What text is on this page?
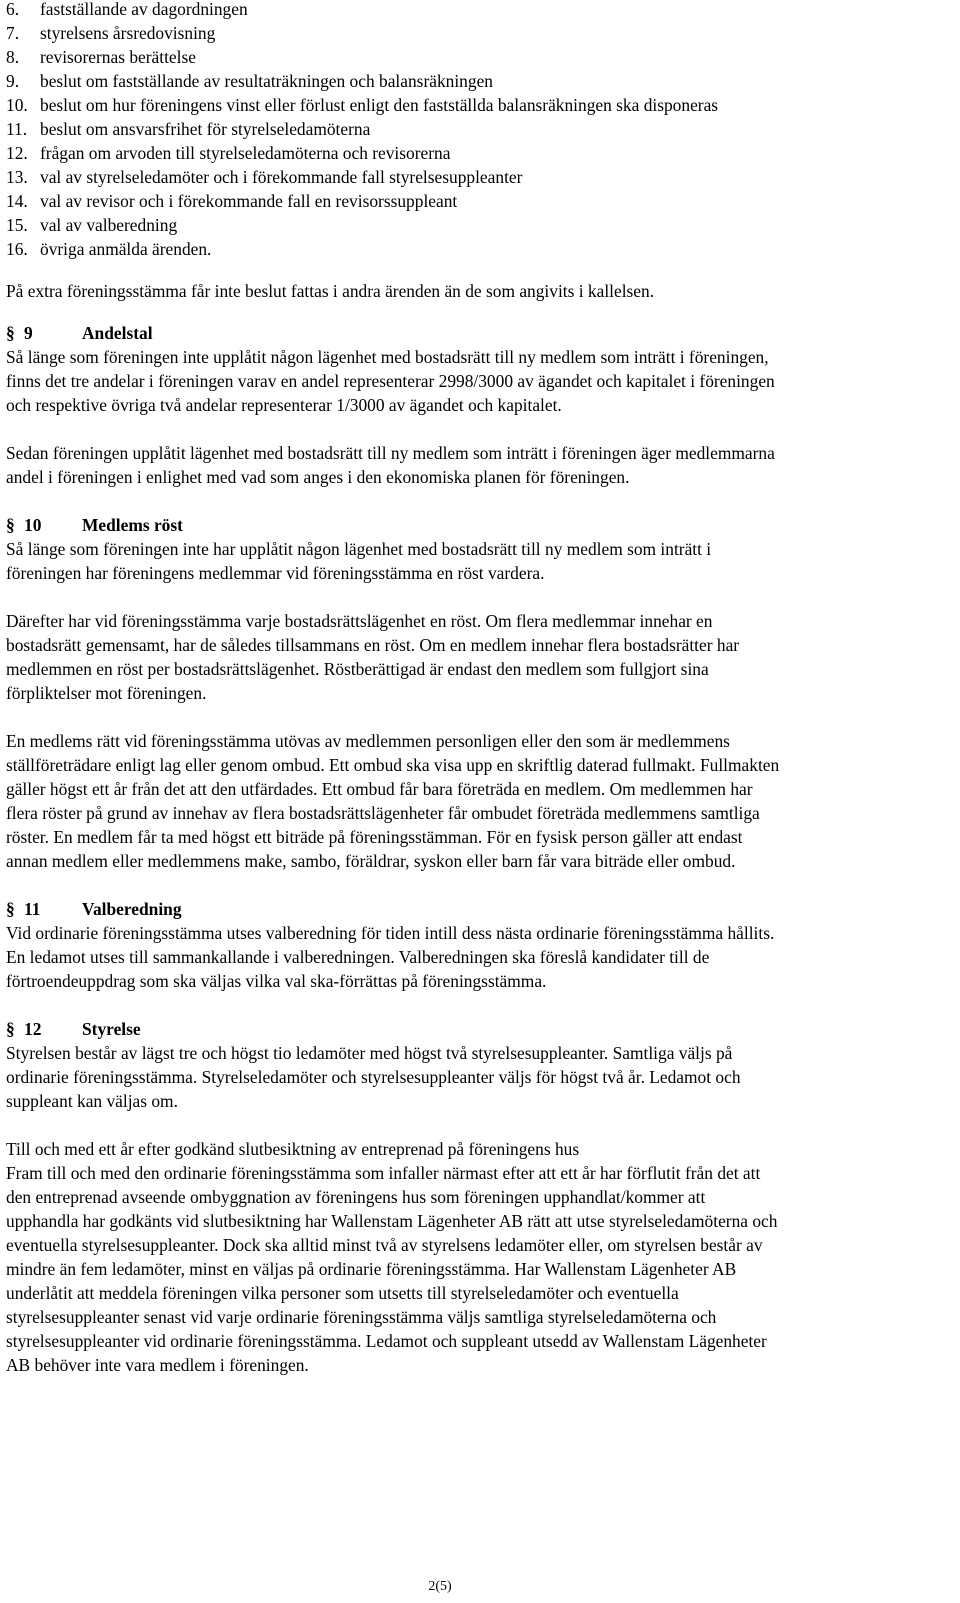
6. fastställande av dagordningen
7. styrelsens årsredovisning
8. revisorernas berättelse
9. beslut om fastställande av resultaträkningen och balansräkningen
10. beslut om hur föreningens vinst eller förlust enligt den fastställda balansräkningen ska disponeras
11. beslut om ansvarsfrihet för styrelseledamöterna
12. frågan om arvoden till styrelseledamöterna och revisorerna
13. val av styrelseledamöter och i förekommande fall styrelsesuppleanter
14. val av revisor och i förekommande fall en revisorssuppleant
15. val av valberedning
16. övriga anmälda ärenden.
På extra föreningsstämma får inte beslut fattas i andra ärenden än de som angivits i kallelsen.
§ 9	Andelstal
Så länge som föreningen inte upplåtit någon lägenhet med bostadsrätt till ny medlem som inträtt i föreningen,
finns det tre andelar i föreningen varav en andel representerar 2998/3000 av ägandet och kapitalet i föreningen
och respektive övriga två andelar representerar 1/3000 av ägandet och kapitalet.
Sedan föreningen upplåtit lägenhet med bostadsrätt till ny medlem som inträtt i föreningen äger medlemmarna
andel i föreningen i enlighet med vad som anges i den ekonomiska planen för föreningen.
§ 10 Medlems röst
Så länge som föreningen inte har upplåtit någon lägenhet med bostadsrätt till ny medlem som inträtt i
föreningen har föreningens medlemmar vid föreningsstämma en röst vardera.
Därefter har vid föreningsstämma varje bostadsrättslägenhet en röst. Om flera medlemmar innehar en
bostadsrätt gemensamt, har de således tillsammans en röst. Om en medlem innehar flera bostadsrätter har
medlemmen en röst per bostadsrättslägenhet. Röstberättigad är endast den medlem som fullgjort sina
förpliktelser mot föreningen.
En medlems rätt vid föreningsstämma utövas av medlemmen personligen eller den som är medlemmens
ställföreträdare enligt lag eller genom ombud. Ett ombud ska visa upp en skriftlig daterad fullmakt. Fullmakten
gäller högst ett år från det att den utfärdades. Ett ombud får bara företräda en medlem. Om medlemmen har
flera röster på grund av innehav av flera bostadsrättslägenheter får ombudet företräda medlemmens samtliga
röster. En medlem får ta med högst ett biträde på föreningsstämman. För en fysisk person gäller att endast
annan medlem eller medlemmens make, sambo, föräldrar, syskon eller barn får vara biträde eller ombud.
§ 11 Valberedning
Vid ordinarie föreningsstämma utses valberedning för tiden intill dess nästa ordinarie föreningsstämma hållits.
En ledamot utses till sammankallande i valberedningen. Valberedningen ska föreslå kandidater till de
förtroendeuppdrag som ska väljas vilka val ska-förrättas på föreningsstämma.
§ 12 Styrelse
Styrelsen består av lägst tre och högst tio ledamöter med högst två styrelsesuppleanter. Samtliga väljs på
ordinarie föreningsstämma. Styrelseledamöter och styrelsesuppleanter väljs för högst två år. Ledamot och
suppleant kan väljas om.
Till och med ett år efter godkänd slutbesiktning av entreprenad på föreningens hus
Fram till och med den ordinarie föreningsstämma som infaller närmast efter att ett år har förflutit från det att
den entreprenad avseende ombyggnation av föreningens hus som föreningen upphandlat/kommer att
upphandla har godkänts vid slutbesiktning har Wallenstam Lägenheter AB rätt att utse styrelseledamöterna och
eventuella styrelsesuppleanter. Dock ska alltid minst två av styrelsens ledamöter eller, om styrelsen består av
mindre än fem ledamöter, minst en väljas på ordinarie föreningsstämma. Har Wallenstam Lägenheter AB
underlåtit att meddela föreningen vilka personer som utsetts till styrelseledamöter och eventuella
styrelsesuppleanter senast vid varje ordinarie föreningsstämma väljs samtliga styrelseledamöterna och
styrelsesuppleanter vid ordinarie föreningsstämma. Ledamot och suppleant utsedd av Wallenstam Lägenheter
AB behöver inte vara medlem i föreningen.
2(5)
